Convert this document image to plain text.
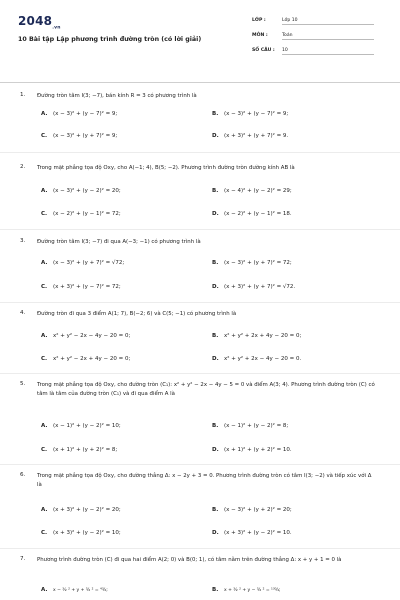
$2048_{.vn}$
10 Bài tập Lập phương trình đường tròn (có lời giải)
LỚP :	Lớp 10
MÔN :	Toán
SỐ CÂU : 10
1. Đường tròn tâm I(3; −7), bán kính R = 3 có phương trình là
A. (x − 3)² + (y − 7)² = 9;	B. (x − 3)² + (y − 7)² = 9;
C. (x − 3)² + (y + 7)² = 9;	D. (x + 3)² + (y + 7)² = 9.
2. Trong mặt phẳng tọa độ Oxy, cho A(−1; 4), B(5; −2). Phương trình đường tròn đường kính AB là
A. (x − 3)² + (y − 2)² = 20;	B. (x − 4)² + (y − 2)² = 29;
C. (x − 2)² + (y − 1)² = 72;	D. (x − 2)² + (y − 1)² = 18.
3. Đường tròn tâm I(3; −7) đi qua A(−3; −1) có phương trình là
A. (x − 3)² + (y + 7)² = √72;	B. (x − 3)² + (y + 7)² = 72;
C. (x + 3)² + (y − 7)² = 72;	D. (x + 3)² + (y + 7)² = √72.
4. Đường tròn đi qua 3 điểm A(1; 7), B(−2; 6) và C(5; −1) có phương trình là
A. x² + y² − 2x − 4y − 20 = 0;	B. x² + y² + 2x + 4y − 20 = 0;
C. x² + y² − 2x + 4y − 20 = 0;	D. x² + y² + 2x − 4y − 20 = 0.
5. Trong mặt phẳng tọa độ Oxy, cho đường tròn (C₁): x² + y² − 2x − 4y − 5 = 0 và điểm A(3; 4). Phương trình đường tròn (C) có tâm là tâm của đường tròn (C₁) và đi qua điểm A là
A. (x − 1)² + (y − 2)² = 10;	B. (x − 1)² + (y − 2)² = 8;
C. (x + 1)² + (y + 2)² = 8;	D. (x + 1)² + (y + 2)² = 10.
6. Trong mặt phẳng tọa độ Oxy, cho đường thẳng Δ: x − 2y + 3 = 0. Phương trình đường tròn có tâm I(3; −2) và tiếp xúc với Δ là
A. (x + 3)² + (y − 2)² = 20;	B. (x − 3)² + (y + 2)² = 20;
C. (x + 3)² + (y − 2)² = 10;	D. (x + 3)² + (y − 2)² = 10.
7. Phương trình đường tròn (C) đi qua hai điểm A(2; 0) và B(0; 1), có tâm nằm trên đường thẳng Δ: x + y + 1 = 0 là
A. x − ³⁄₂ ² + y + ⁵⁄₂ ² = ⁴³⁄₂;	B. x + ³⁄₂ ² + y − ⁵⁄₂ ² = ¹³⁰⁄₄;
